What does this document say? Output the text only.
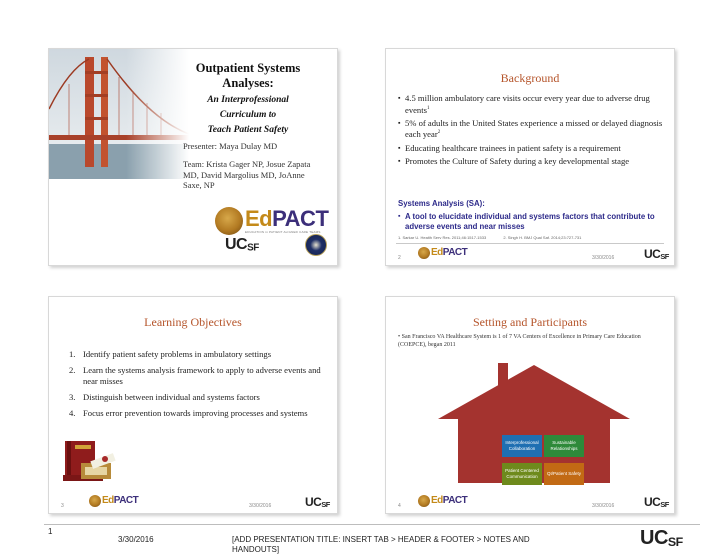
Outpatient Systems Analyses:
An Interprofessional
Curriculum to
Teach Patient Safety
Presenter: Maya Dulay MD
Team: Krista Gager NP, Josue Zapata MD, David Margolius MD, JoAnne Saxe, NP
EdPACT
EDUCATION in PATIENT ALIGNED CARE TEAMS
UCSF
Background
▪ 4.5 million ambulatory care visits occur every year due to adverse drug events$^1$
▪ 5% of adults in the United States experience a missed or delayed diagnosis each year$^2$
▪ Educating healthcare trainees in patient safety is a requirement
▪ Promotes the Culture of Safety during a key developmental stage
Systems Analysis (SA):
▪ A tool to elucidate individual and systems factors that contribute to adverse events and near misses
1. Sarkar U. Health Serv Res. 2011;46:1517-1533	2. Singh H. BMJ Qual Saf. 2014;23:727-731
2	EdPACT	3/30/2016 UCSF
Learning Objectives
1. Identify patient safety problems in ambulatory settings
2. Learn the systems analysis framework to apply to adverse events and near misses
3. Distinguish between individual and systems factors
4. Focus error prevention towards improving processes and systems
3	EdPACT	3/30/2016	UCSF
Setting and Participants
• San Francisco VA Healthcare System is 1 of 7 VA Centers of Excellence in Primary Care Education (COEPCE), began 2011
Interprofessional Collaboration
Sustainable Relationships
Patient Centered Communication
QI/Patient Safety
4	EdPACT	3/30/2016 UCSF
1
3/30/2016	[ADD PRESENTATION TITLE: INSERT TAB > HEADER & FOOTER > NOTES AND HANDOUTS]
UCSF
